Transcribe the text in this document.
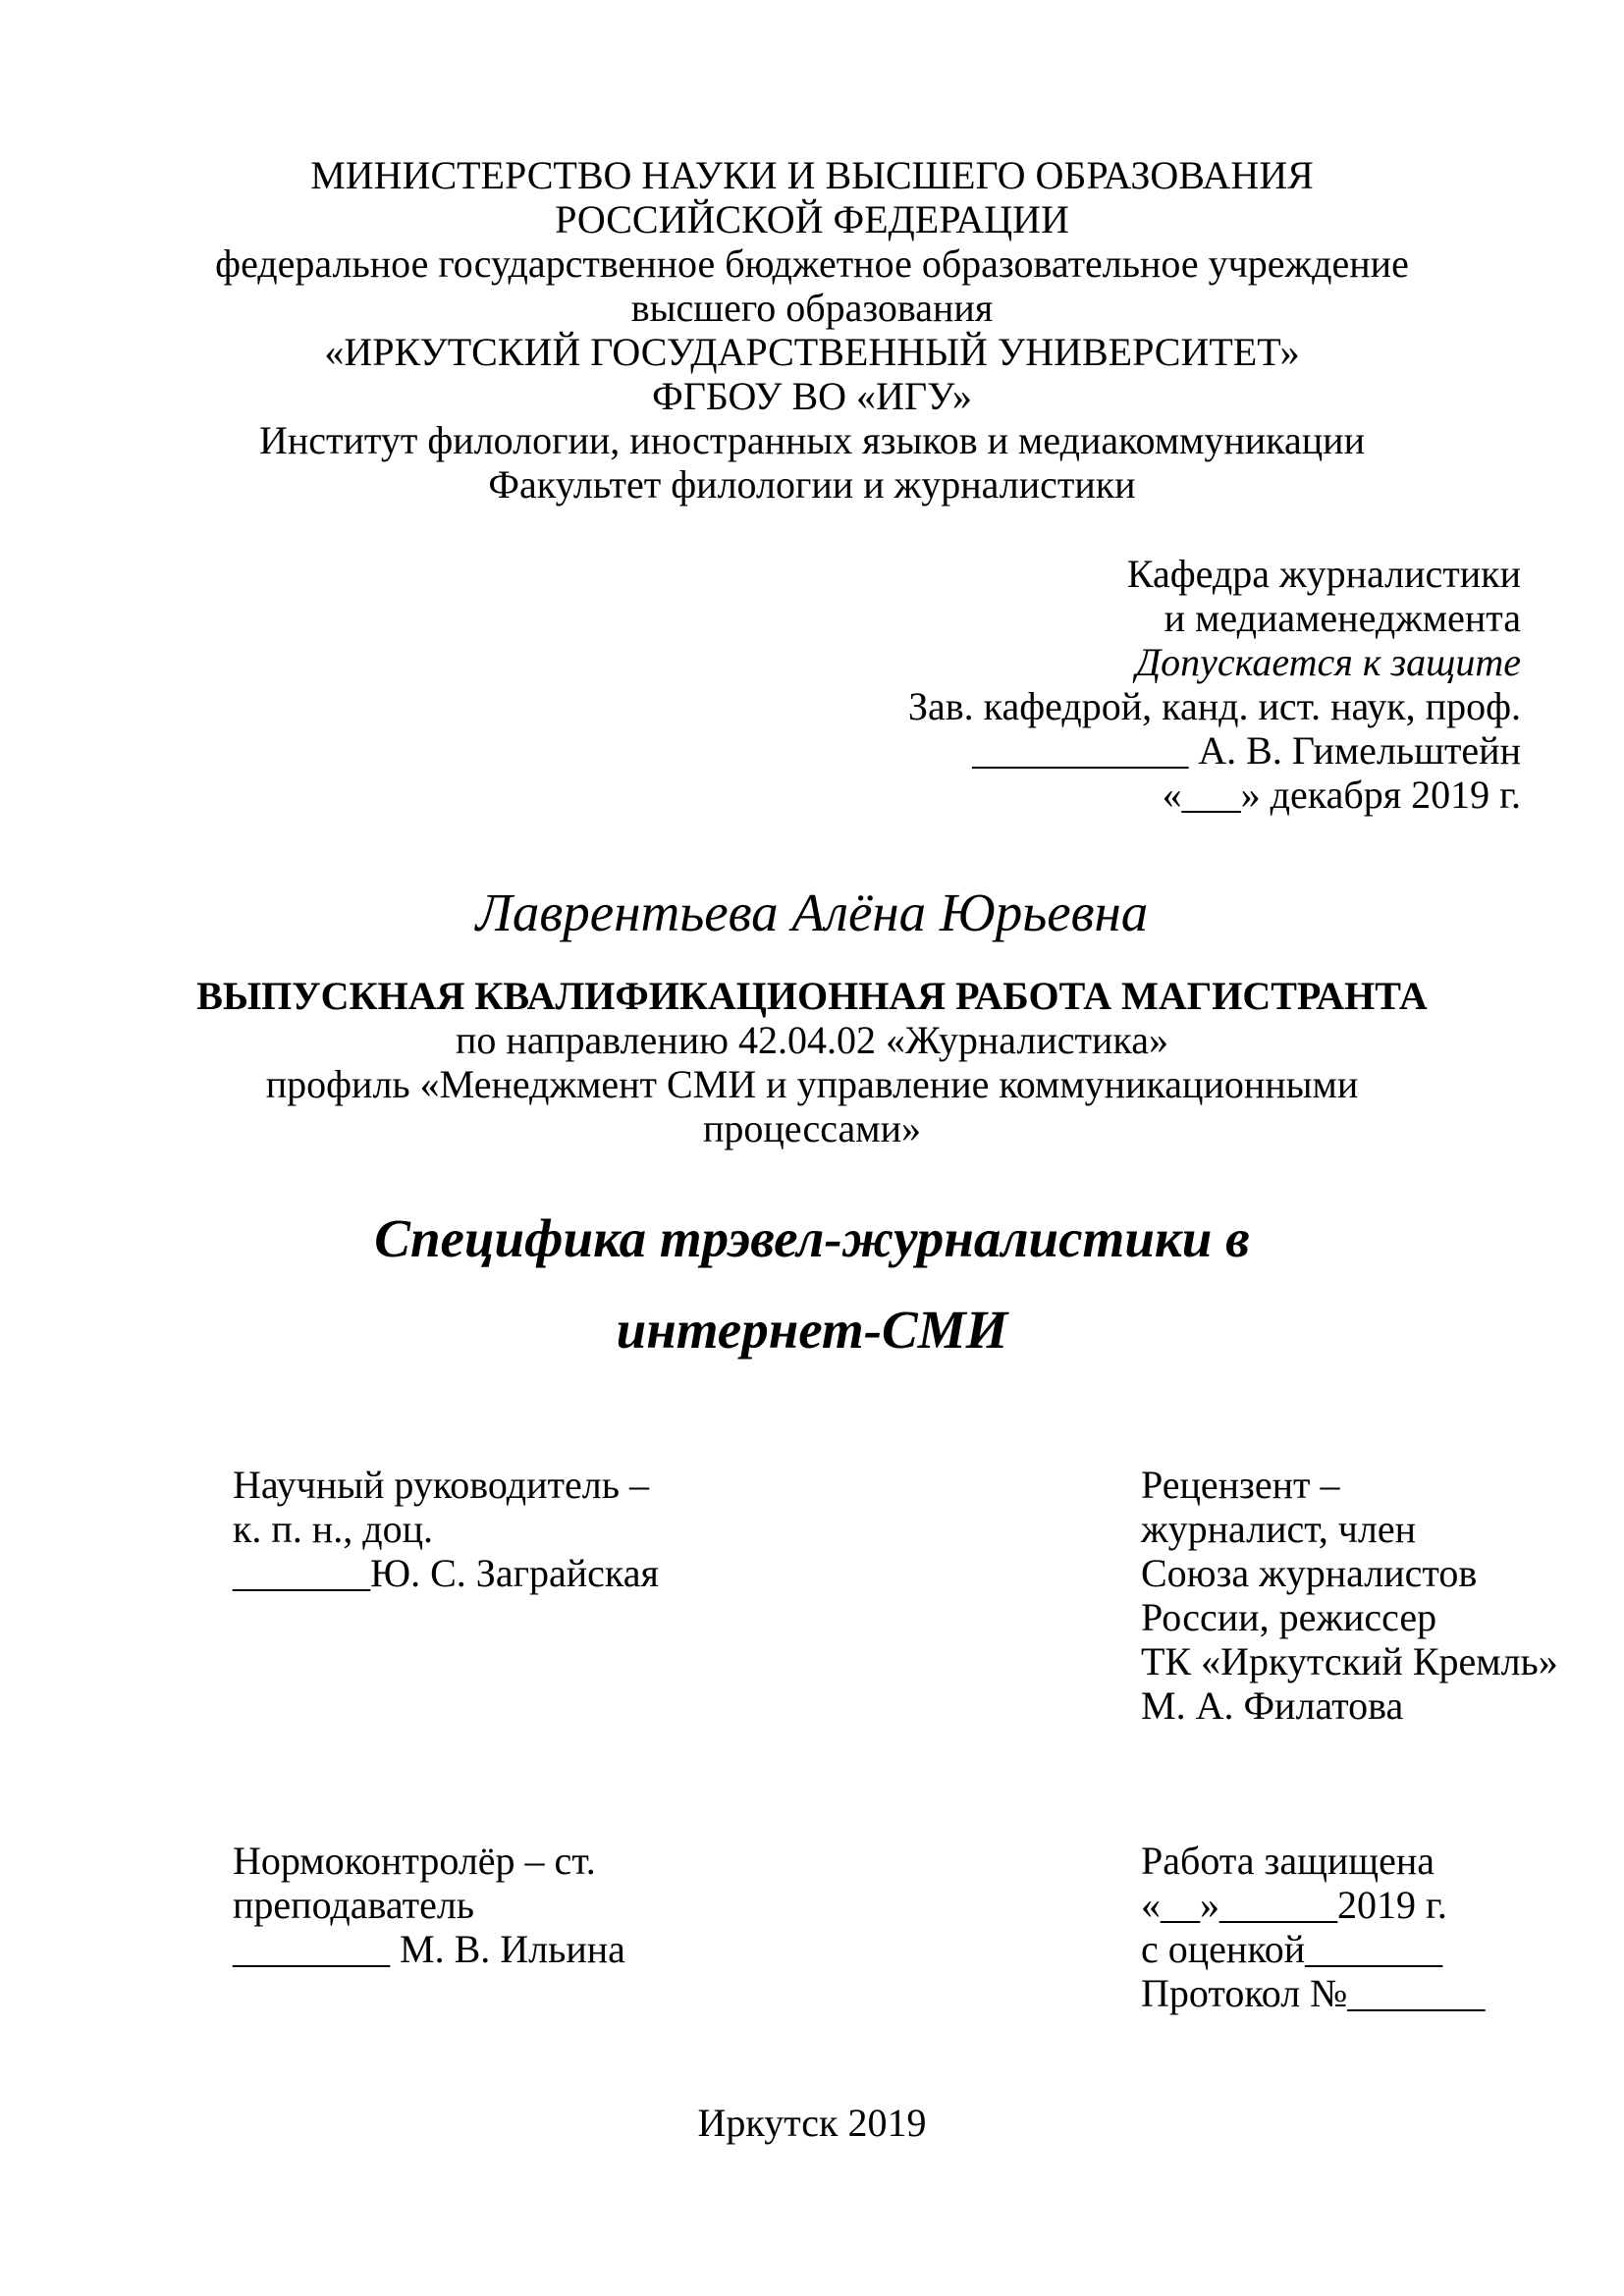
МИНИСТЕРСТВО НАУКИ И ВЫСШЕГО ОБРАЗОВАНИЯ
РОССИЙСКОЙ ФЕДЕРАЦИИ
федеральное государственное бюджетное образовательное учреждение
высшего образования
«ИРКУТСКИЙ ГОСУДАРСТВЕННЫЙ УНИВЕРСИТЕТ»
ФГБОУ ВО «ИГУ»
Институт филологии, иностранных языков и медиакоммуникации
Факультет филологии и журналистики
Кафедра журналистики
и медиаменеджмента
Допускается к защите
Зав. кафедрой, канд. ист. наук, проф.
___________ А. В. Гимельштейн
«___» декабря 2019 г.
Лаврентьева Алёна Юрьевна
ВЫПУСКНАЯ КВАЛИФИКАЦИОННАЯ РАБОТА МАГИСТРАНТА
по направлению 42.04.02 «Журналистика»
профиль «Менеджмент СМИ и управление коммуникационными
процессами»
Специфика трэвел-журналистики в
интернет-СМИ
Научный руководитель –
к. п. н., доц.
_______Ю. С. Заграйская
Рецензент –
журналист, член
Союза журналистов
России, режиссер
ТК «Иркутский Кремль»
М. А. Филатова
Нормоконтролёр – ст.
преподаватель
________ М. В. Ильина
Работа защищена
«__»______2019 г.
с оценкой_______
Протокол №_______
Иркутск 2019
